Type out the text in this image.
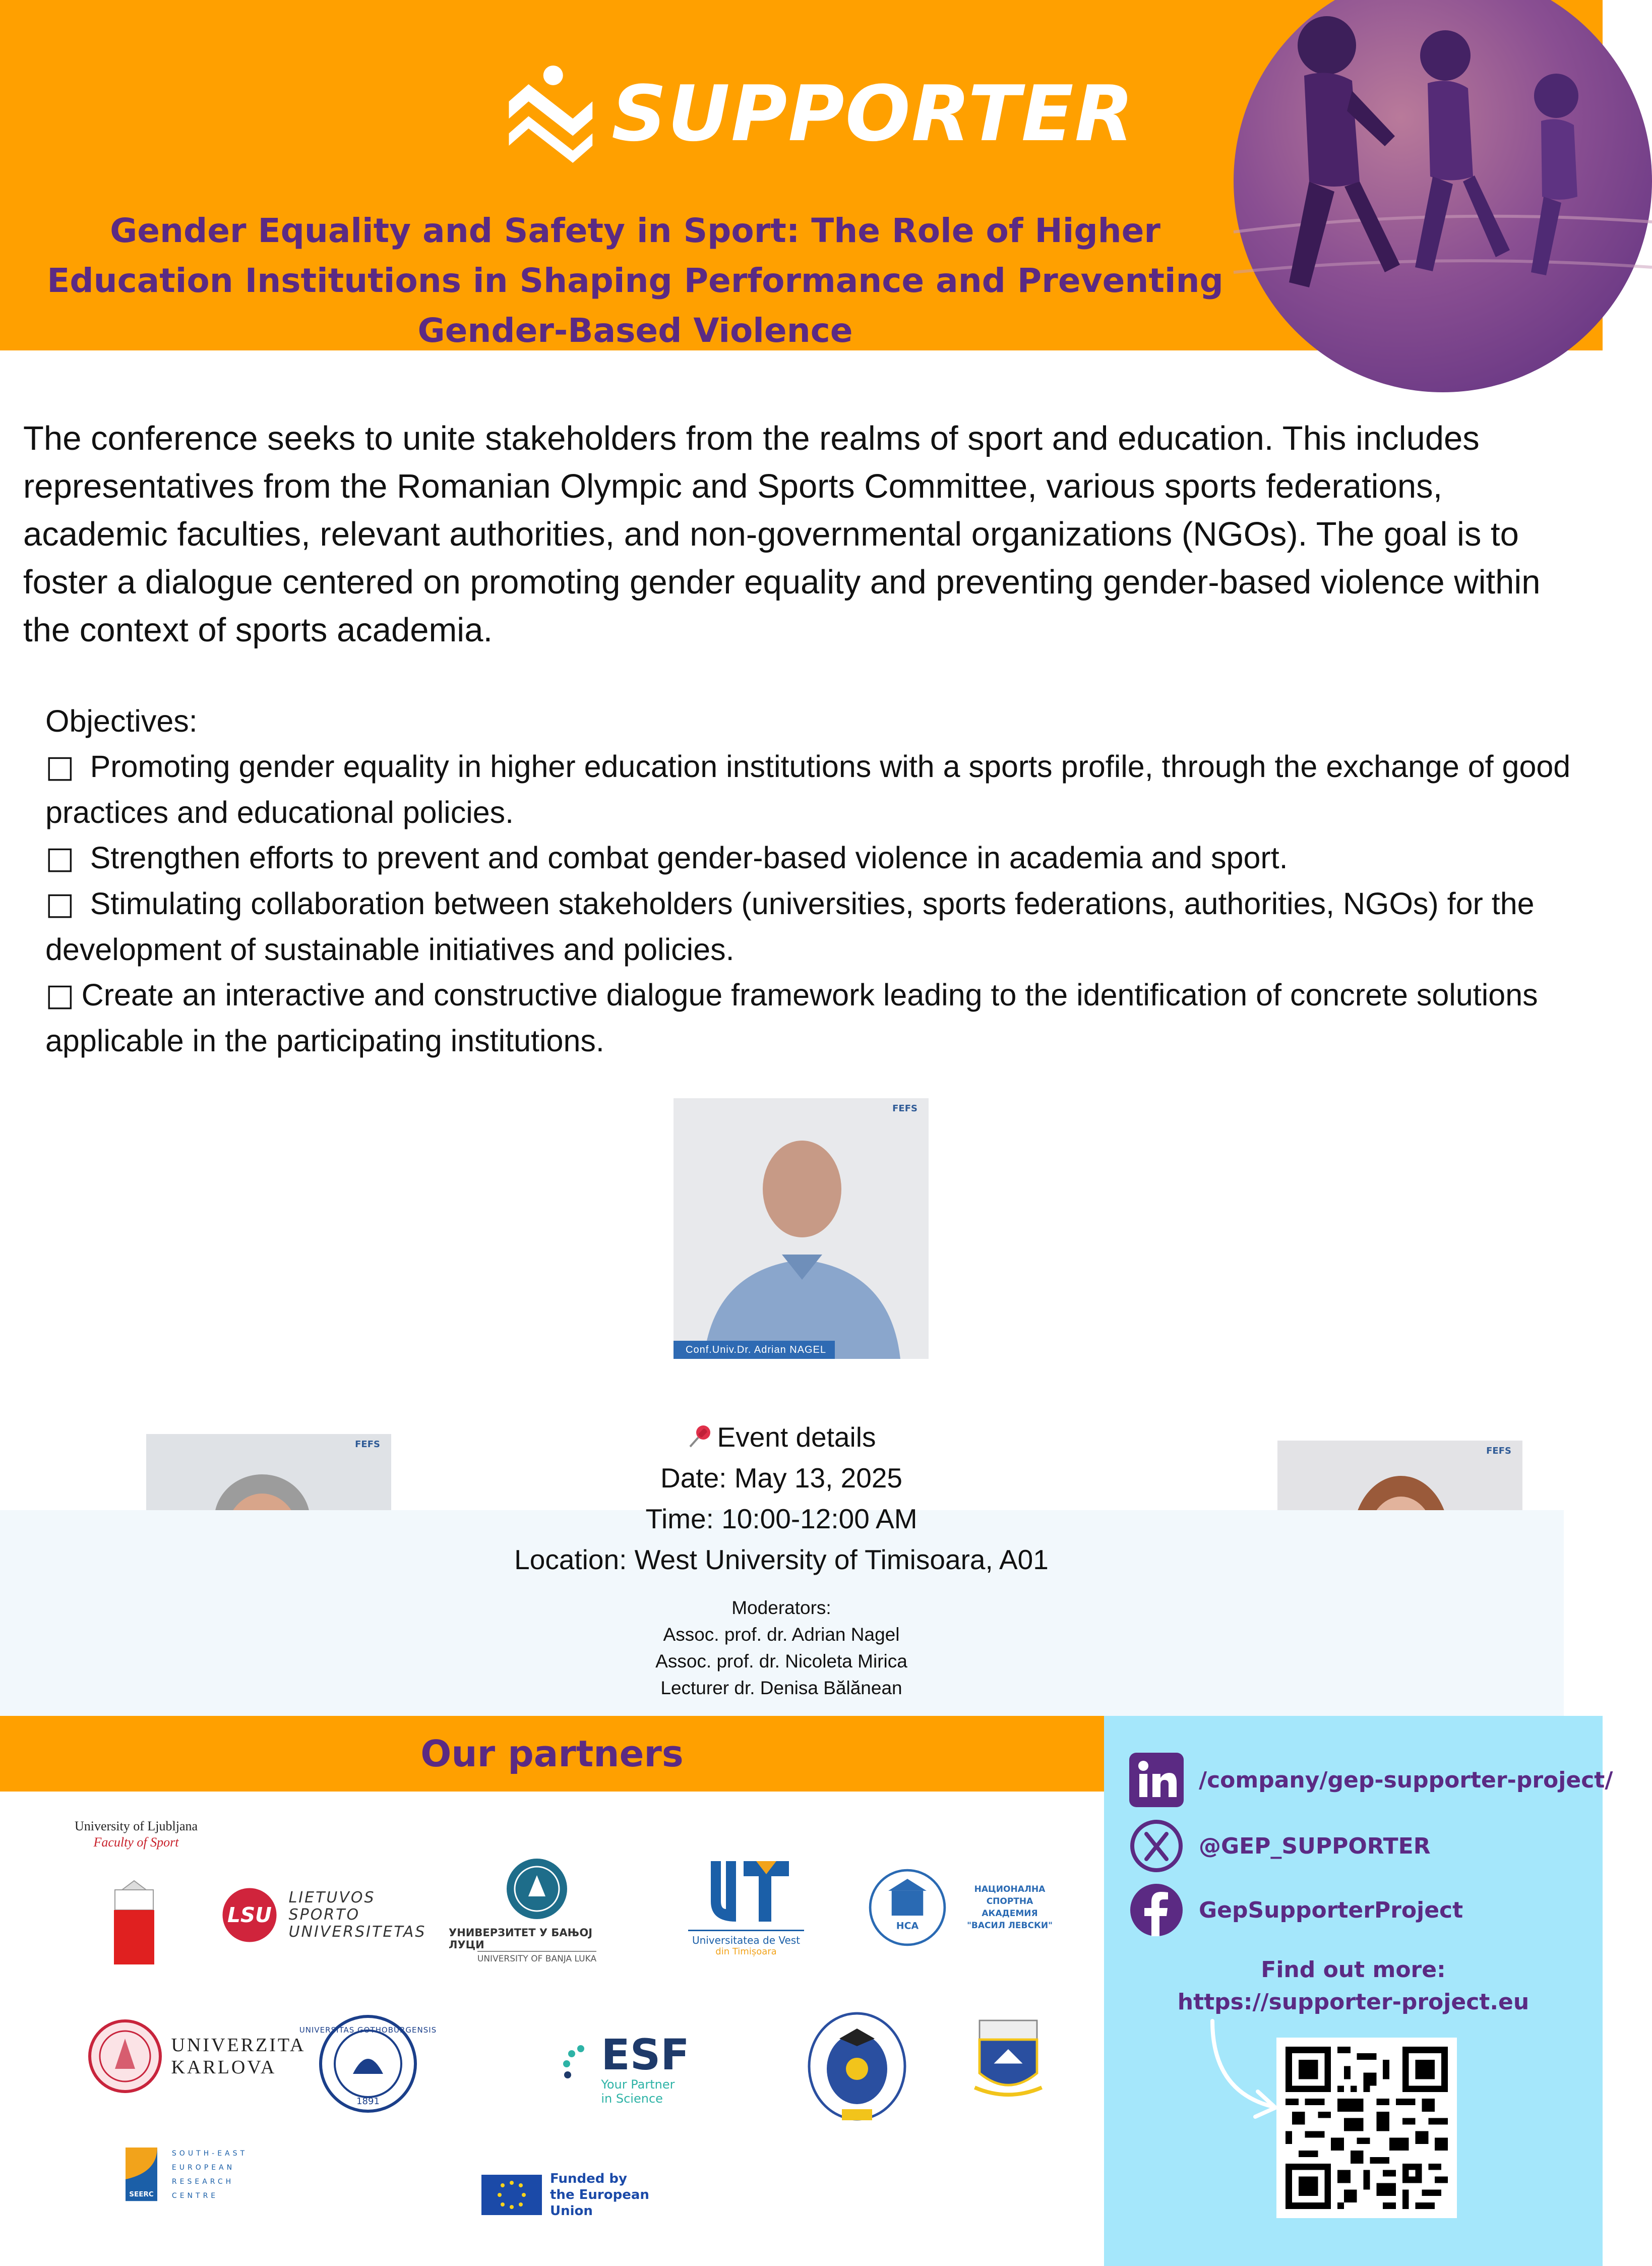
SUPPORTER
Gender Equality and Safety in Sport: The Role of Higher Education Institutions in Shaping Performance and Preventing Gender-Based Violence

The conference seeks to unite stakeholders from the realms of sport and education. This includes representatives from the Romanian Olympic and Sports Committee, various sports federations, academic faculties, relevant authorities, and non-governmental organizations (NGOs). The goal is to foster a dialogue centered on promoting gender equality and preventing gender-based violence within the context of sports academia.

Objectives:
□ Promoting gender equality in higher education institutions with a sports profile, through the exchange of good practices and educational policies.
□ Strengthen efforts to prevent and combat gender-based violence in academia and sport.
□ Stimulating collaboration between stakeholders (universities, sports federations, authorities, NGOs) for the development of sustainable initiatives and policies.
□ Create an interactive and constructive dialogue framework leading to the identification of concrete solutions applicable in the participating institutions.
FEFS
Conf.Univ.Dr. Adrian NAGEL
FEFS
FEFS
Event details
Date: May 13, 2025
Time: 10:00-12:00 AM
Location: West University of Timisoara, A01
Moderators:
Assoc. prof. dr. Adrian Nagel
Assoc. prof. dr. Nicoleta Mirica
Lecturer dr. Denisa Bălănean
Our partners
University of Ljubljana
Faculty of Sport
LSU
LIETUVOS
SPORTO
UNIVERSITETAS УНИВЕРЗИТЕТ У БАЊОЈ ЛУЦИ
UNIVERSITY OF BANJA LUKA
Universitatea de Vest
din Timișoara
НСА
НАЦИОНАЛНА СПОРТНА
АКАДЕМИЯ
"ВАСИЛ ЛЕВСКИ"
UNIVERZITA
KARLOVA
UNIVERSITAS GOTHOBURGENSIS
1891
ESF
Your Partner
in Science
SEERC
SOUTH-EAST
EUROPEAN
RESEARCH
CENTRE
Funded by
the European Union
/company/gep-supporter-project/
@GEP_SUPPORTER
GepSupporterProject
Find out more:
https://supporter-project.eu
